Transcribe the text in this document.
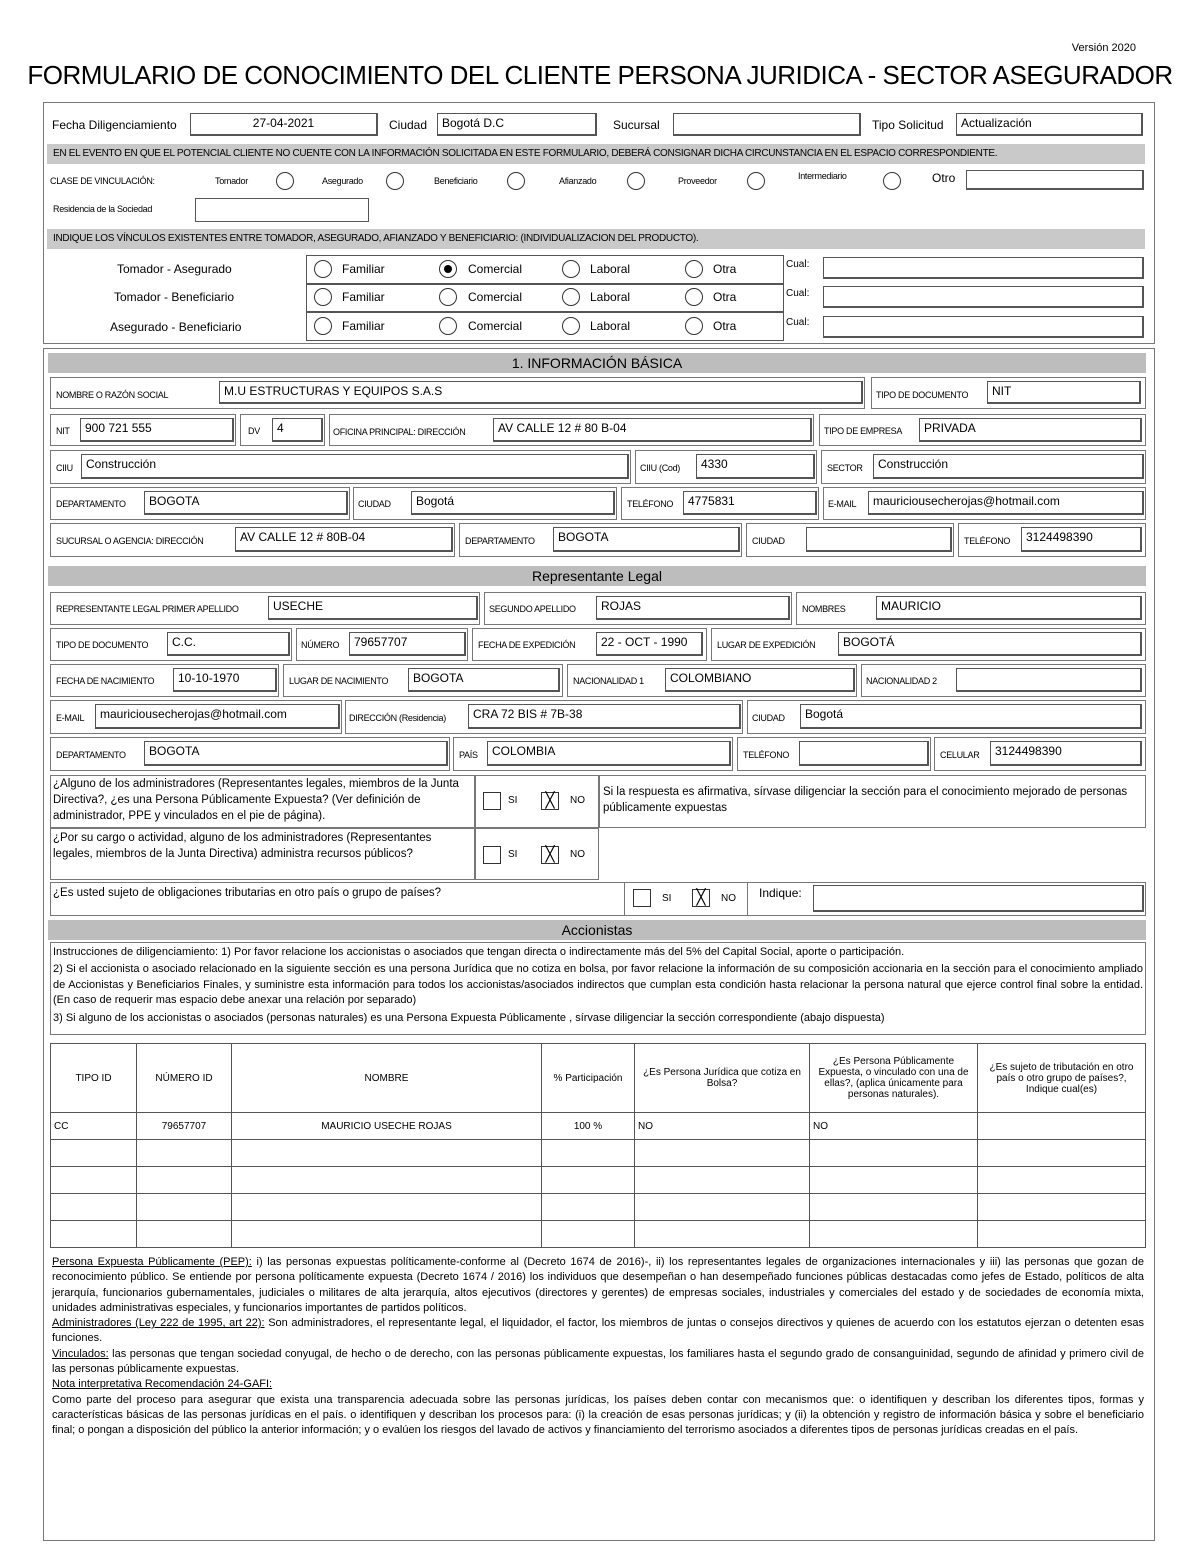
Versión 2020
FORMULARIO DE CONOCIMIENTO DEL CLIENTE PERSONA JURIDICA - SECTOR ASEGURADOR
Fecha Diligenciamiento	27-04-2021	Ciudad	Bogotá D.C	Sucursal	Tipo Solicitud	Actualización
EN EL EVENTO EN QUE EL POTENCIAL CLIENTE NO CUENTE CON LA INFORMACIÓN SOLICITADA EN ESTE FORMULARIO, DEBERÁ CONSIGNAR DICHA CIRCUNSTANCIA EN EL ESPACIO CORRESPONDIENTE.
CLASE DE VINCULACIÓN:	Tomador	Asegurado	Beneficiario	Afianzado	Proveedor	Intermediario	Otro
Residencia de la Sociedad
INDIQUE LOS VÍNCULOS EXISTENTES ENTRE TOMADOR, ASEGURADO, AFIANZADO Y BENEFICIARIO: (INDIVIDUALIZACION DEL PRODUCTO).
Tomador - Asegurado	Familiar	Comercial	Laboral	Otra	Cual:
Tomador - Beneficiario	Familiar	Comercial	Laboral	Otra	Cual:
Asegurado - Beneficiario	Familiar	Comercial	Laboral	Otra	Cual:
1. INFORMACIÓN BÁSICA
NOMBRE O RAZÓN SOCIAL	M.U ESTRUCTURAS Y EQUIPOS S.A.S	TIPO DE DOCUMENTO	NIT
NIT	900 721 555	DV	4	OFICINA PRINCIPAL: DIRECCIÓN	AV CALLE 12 # 80 B-04	TIPO DE EMPRESA	PRIVADA
CIIU	Construcción	CIIU (Cod)	4330	SECTOR	Construcción
DEPARTAMENTO	BOGOTA	CIUDAD	Bogotá	TELÉFONO	4775831	E-MAIL	mauriciousecherojas@hotmail.com
SUCURSAL O AGENCIA: DIRECCIÓN	AV CALLE 12 # 80B-04	DEPARTAMENTO	BOGOTA	CIUDAD	TELÉFONO	3124498390
Representante Legal
REPRESENTANTE LEGAL PRIMER APELLIDO	USECHE	SEGUNDO APELLIDO	ROJAS	NOMBRES	MAURICIO
TIPO DE DOCUMENTO	C.C.	NÚMERO	79657707	FECHA DE EXPEDICIÓN	22 - OCT - 1990	LUGAR DE EXPEDICIÓN	BOGOTÁ
FECHA DE NACIMIENTO	10-10-1970	LUGAR DE NACIMIENTO	BOGOTA	NACIONALIDAD 1	COLOMBIANO	NACIONALIDAD 2
E-MAIL	mauriciousecherojas@hotmail.com	DIRECCIÓN (Residencia)	CRA 72 BIS # 7B-38	CIUDAD	Bogotá
DEPARTAMENTO	BOGOTA	PAÍS	COLOMBIA	TELÉFONO	CELULAR	3124498390
¿Alguno de los administradores (Representantes legales, miembros de la Junta Directiva?, ¿es una Persona Públicamente Expuesta? (Ver definición de administrador, PPE y vinculados en el pie de página).
SI ╳	NO
Si la respuesta es afirmativa, sírvase diligenciar la sección para el conocimiento mejorado de personas públicamente expuestas
¿Por su cargo o actividad, alguno de los administradores (Representantes legales, miembros de la Junta Directiva) administra recursos públicos?	SI ╳	NO
¿Es usted sujeto de obligaciones tributarias en otro país o grupo de países?	SI ╳	NO Indique:
Accionistas
Instrucciones de diligenciamiento: 1) Por favor relacione los accionistas o asociados que tengan directa o indirectamente más del 5% del Capital Social, aporte o participación.
2) Si el accionista o asociado relacionado en la siguiente sección es una persona Jurídica que no cotiza en bolsa, por favor relacione la información de su composición accionaria en la sección para el conocimiento ampliado de Accionistas y Beneficiarios Finales, y suministre esta información para todos los accionistas/asociados indirectos que cumplan esta condición hasta relacionar la persona natural que ejerce control final sobre la entidad. (En caso de requerir mas espacio debe anexar una relación por separado)
3) Si alguno de los accionistas o asociados (personas naturales) es una Persona Expuesta Públicamente , sírvase diligenciar la sección correspondiente (abajo dispuesta)
TIPO ID	NÚMERO ID	NOMBRE	% Participación	¿Es Persona Jurídica que cotiza en Bolsa?	¿Es Persona Públicamente Expuesta, o vinculado con una de ellas?, (aplica únicamente para personas naturales).	¿Es sujeto de tributación en otro país o otro grupo de países?, Indique cual(es)
CC	79657707	MAURICIO USECHE ROJAS	100 %	NO	NO	

Persona Expuesta Públicamente (PEP): i) las personas expuestas políticamente-conforme al (Decreto 1674 de 2016)-, ii) los representantes legales de organizaciones internacionales y iii) las personas que gozan de reconocimiento público. Se entiende por persona políticamente expuesta (Decreto 1674 / 2016) los individuos que desempeñan o han desempeñado funciones públicas destacadas como jefes de Estado, políticos de alta jerarquía, funcionarios gubernamentales, judiciales o militares de alta jerarquía, altos ejecutivos (directores y gerentes) de empresas sociales, industriales y comerciales del estado y de sociedades de economía mixta, unidades administrativas especiales, y funcionarios importantes de partidos políticos.
Administradores (Ley 222 de 1995, art 22): Son administradores, el representante legal, el liquidador, el factor, los miembros de juntas o consejos directivos y quienes de acuerdo con los estatutos ejerzan o detenten esas funciones.
Vinculados: las personas que tengan sociedad conyugal, de hecho o de derecho, con las personas públicamente expuestas, los familiares hasta el segundo grado de consanguinidad, segundo de afinidad y primero civil de las personas públicamente expuestas.
Nota interpretativa Recomendación 24-GAFI:
Como parte del proceso para asegurar que exista una transparencia adecuada sobre las personas jurídicas, los países deben contar con mecanismos que: o identifiquen y describan los diferentes tipos, formas y características básicas de las personas jurídicas en el país. o identifiquen y describan los procesos para: (i) la creación de esas personas jurídicas; y (ii) la obtención y registro de información básica y sobre el beneficiario final; o pongan a disposición del público la anterior información; y o evalúen los riesgos del lavado de activos y financiamiento del terrorismo asociados a diferentes tipos de personas jurídicas creadas en el país.
